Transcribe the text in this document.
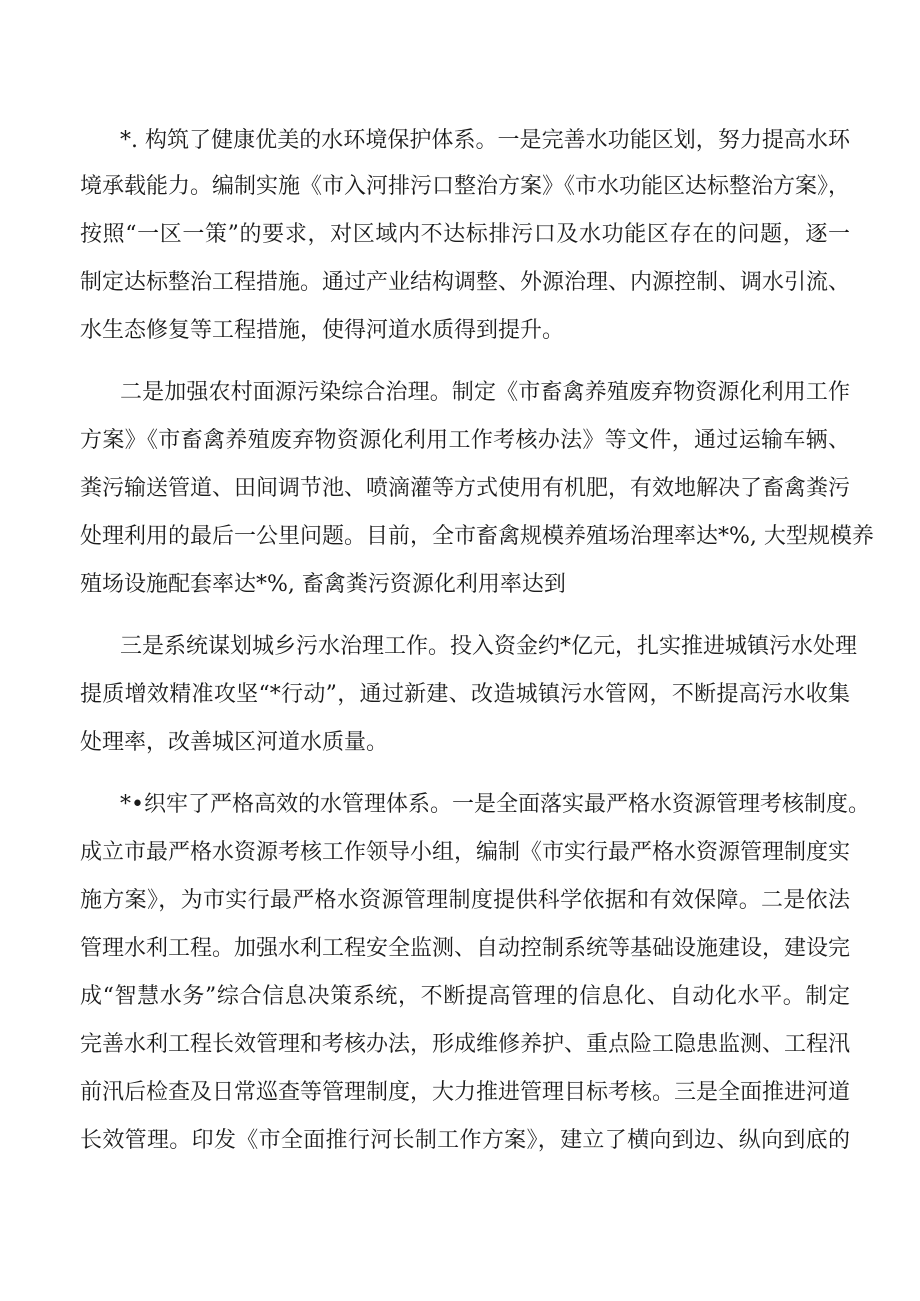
*. 构筑了健康优美的水环境保护体系。一是完善水功能区划，努力提高水环
境承载能力。编制实施《市入河排污口整治方案》《市水功能区达标整治方案》，
按照“一区一策”的要求，对区域内不达标排污口及水功能区存在的问题，逐一
制定达标整治工程措施。通过产业结构调整、外源治理、内源控制、调水引流、
水生态修复等工程措施，使得河道水质得到提升。
二是加强农村面源污染综合治理。制定《市畜禽养殖废弃物资源化利用工作
方案》《市畜禽养殖废弃物资源化利用工作考核办法》等文件，通过运输车辆、
粪污输送管道、田间调节池、喷滴灌等方式使用有机肥，有效地解决了畜禽粪污
处理利用的最后一公里问题。目前，全市畜禽规模养殖场治理率达*%, 大型规模养
殖场设施配套率达*%, 畜禽粪污资源化利用率达到
三是系统谋划城乡污水治理工作。投入资金约*亿元，扎实推进城镇污水处理
提质增效精准攻坚“*行动”，通过新建、改造城镇污水管网，不断提高污水收集
处理率，改善城区河道水质量。
*•织牢了严格高效的水管理体系。一是全面落实最严格水资源管理考核制度。
成立市最严格水资源考核工作领导小组，编制《市实行最严格水资源管理制度实
施方案》，为市实行最严格水资源管理制度提供科学依据和有效保障。二是依法
管理水利工程。加强水利工程安全监测、自动控制系统等基础设施建设，建设完
成“智慧水务”综合信息决策系统，不断提高管理的信息化、自动化水平。制定
完善水利工程长效管理和考核办法，形成维修养护、重点险工隐患监测、工程汛
前汛后检查及日常巡查等管理制度，大力推进管理目标考核。三是全面推进河道
长效管理。印发《市全面推行河长制工作方案》，建立了横向到边、纵向到底的
